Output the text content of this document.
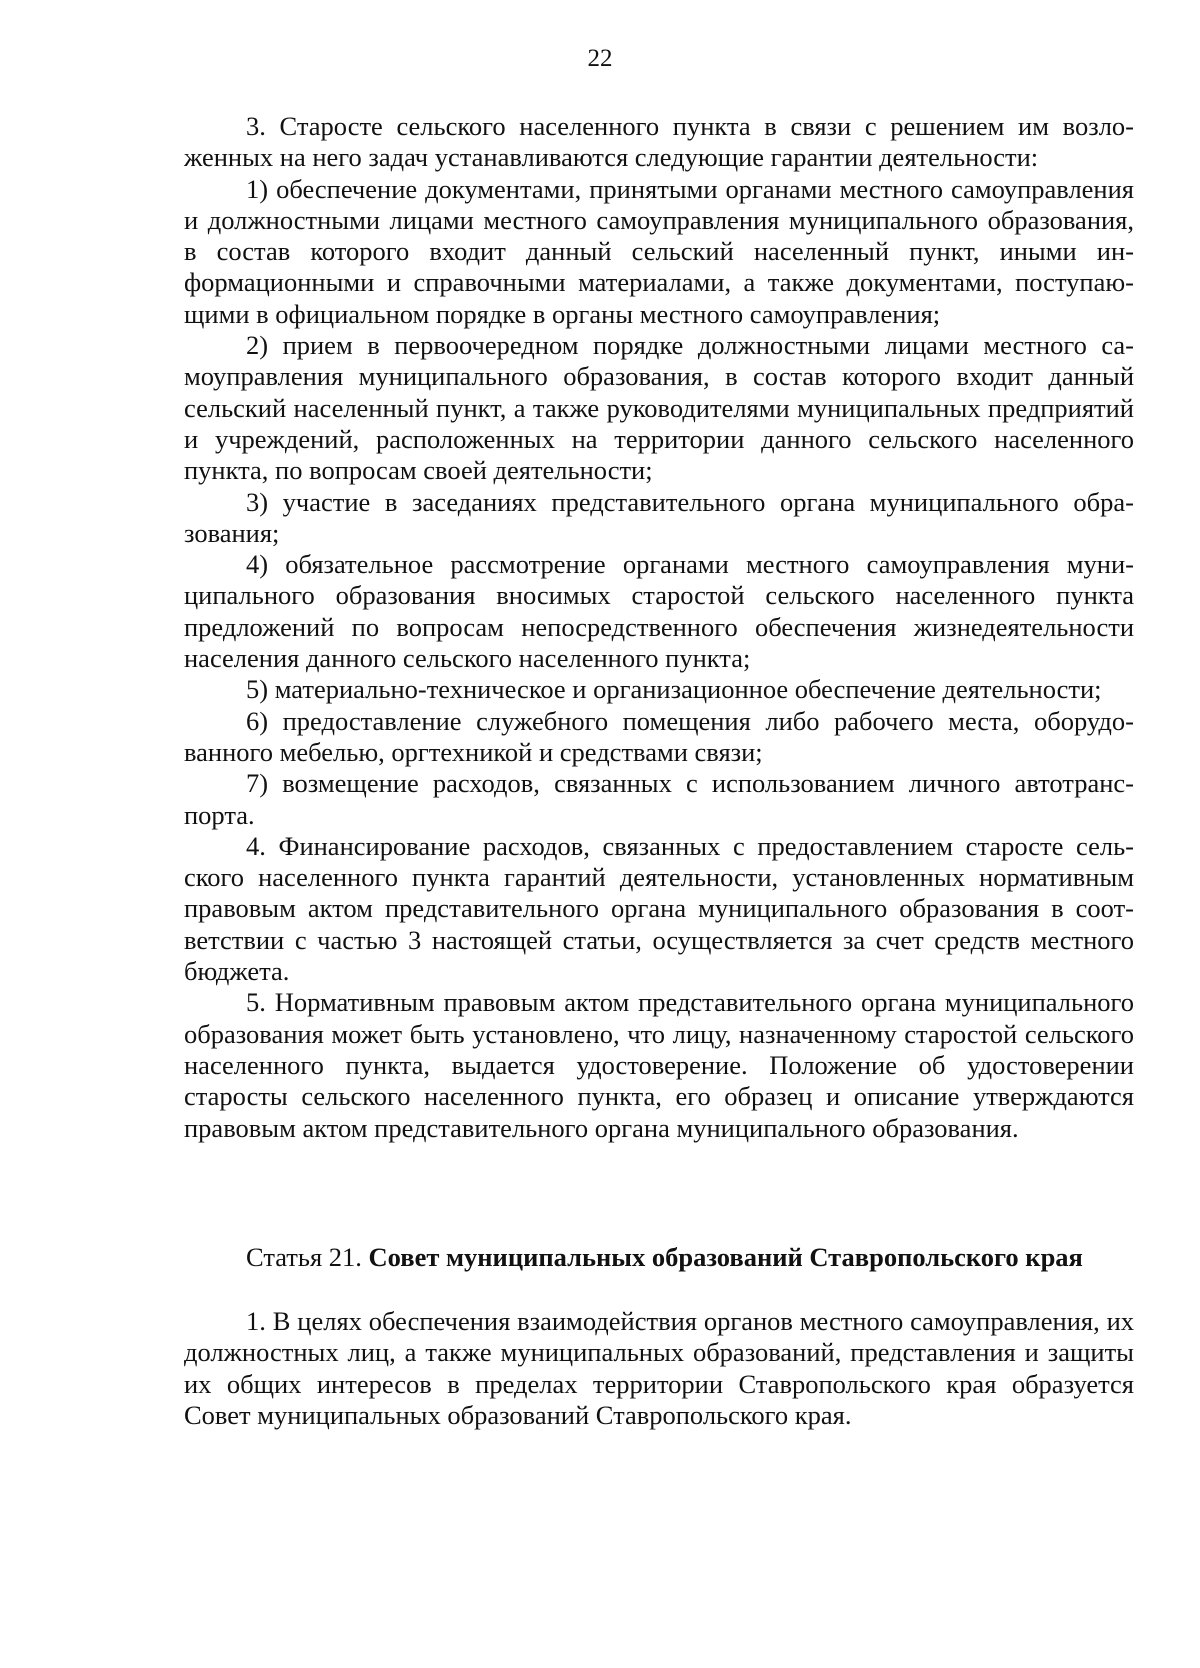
22

3. Старосте сельского населенного пункта в связи с решением им возложенных на него задач устанавливаются следующие гарантии деятельности:

1) обеспечение документами, принятыми органами местного самоуправления и должностными лицами местного самоуправления муниципального образования, в состав которого входит данный сельский населенный пункт, иными информационными и справочными материалами, а также документами, поступающими в официальном порядке в органы местного самоуправления;

2) прием в первоочередном порядке должностными лицами местного самоуправления муниципального образования, в состав которого входит данный сельский населенный пункт, а также руководителями муниципальных предприятий и учреждений, расположенных на территории данного сельского населенного пункта, по вопросам своей деятельности;

3) участие в заседаниях представительного органа муниципального образования;

4) обязательное рассмотрение органами местного самоуправления муниципального образования вносимых старостой сельского населенного пункта предложений по вопросам непосредственного обеспечения жизнедеятельности населения данного сельского населенного пункта;

5) материально-техническое и организационное обеспечение деятельности;

6) предоставление служебного помещения либо рабочего места, оборудованного мебелью, оргтехникой и средствами связи;

7) возмещение расходов, связанных с использованием личного автотранспорта.

4. Финансирование расходов, связанных с предоставлением старосте сельского населенного пункта гарантий деятельности, установленных нормативным правовым актом представительного органа муниципального образования в соответствии с частью 3 настоящей статьи, осуществляется за счет средств местного бюджета.

5. Нормативным правовым актом представительного органа муниципального образования может быть установлено, что лицу, назначенному старостой сельского населенного пункта, выдается удостоверение. Положение об удостоверении старосты сельского населенного пункта, его образец и описание утверждаются правовым актом представительного органа муниципального образования.

Статья 21. Совет муниципальных образований Ставропольского края

1. В целях обеспечения взаимодействия органов местного самоуправления, их должностных лиц, а также муниципальных образований, представления и защиты их общих интересов в пределах территории Ставропольского края образуется Совет муниципальных образований Ставропольского края.
